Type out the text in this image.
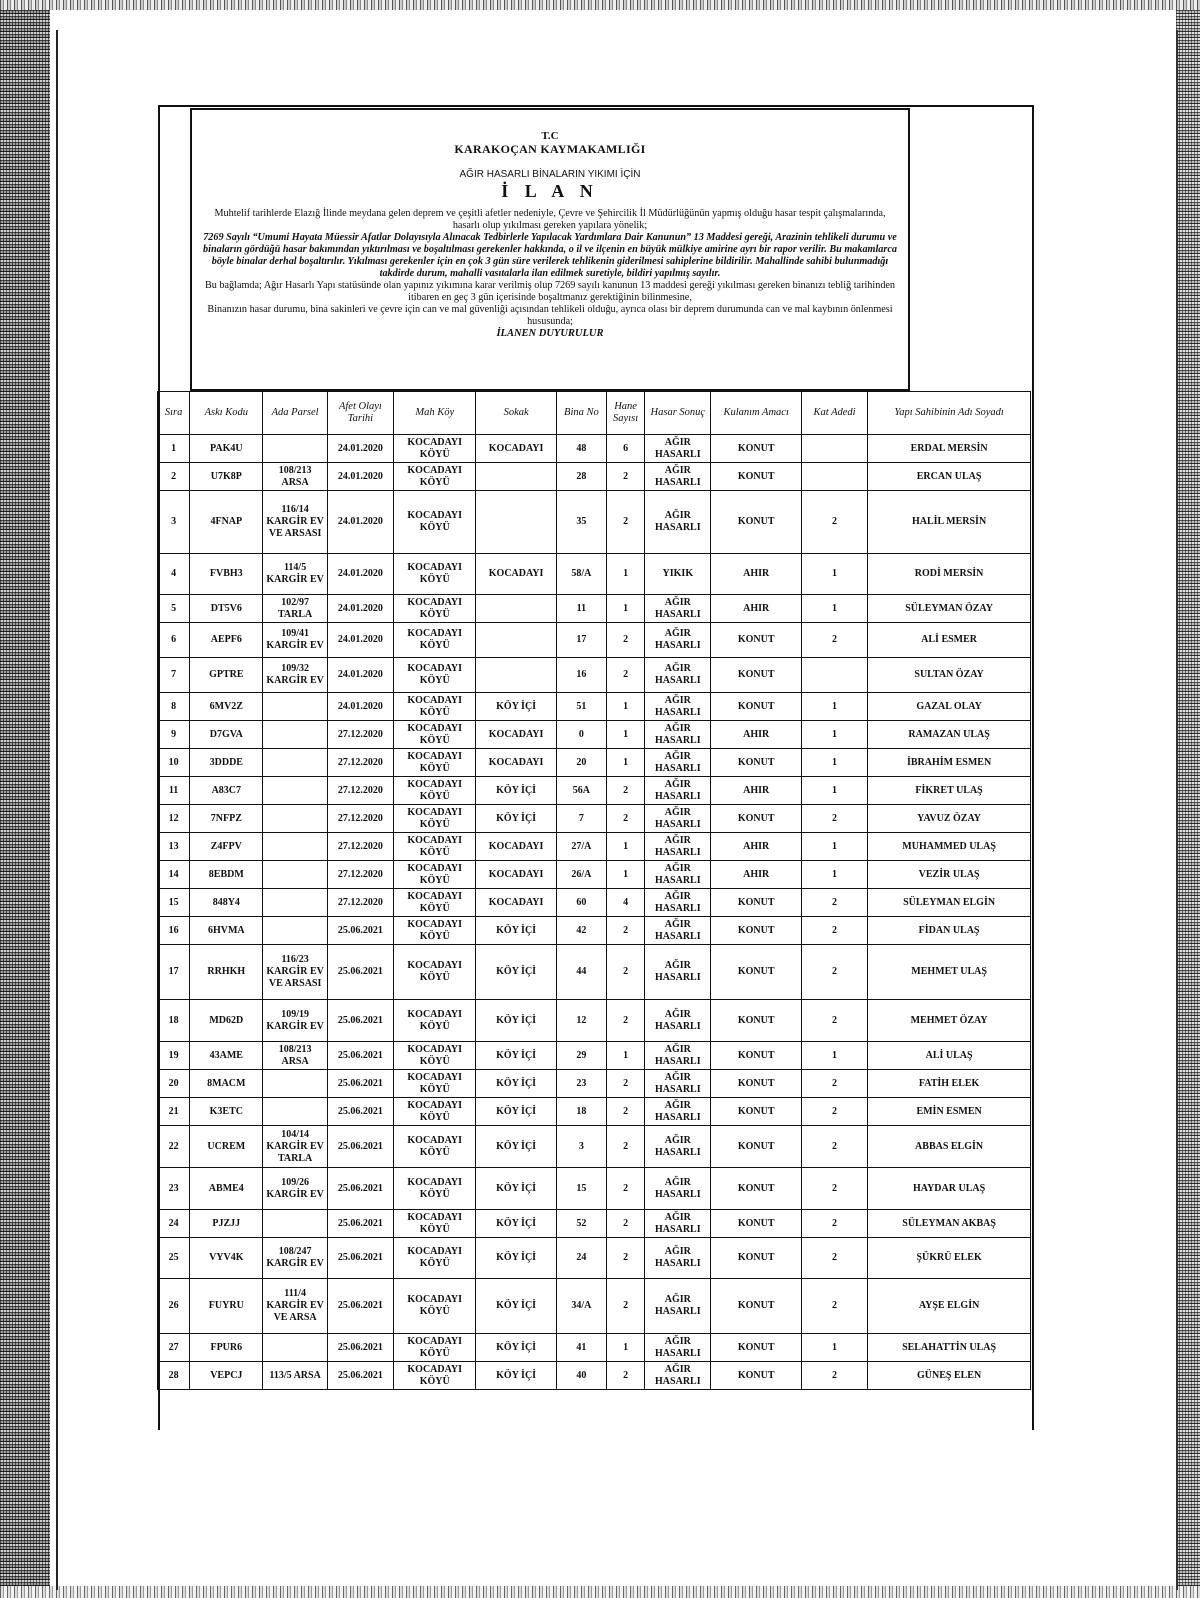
T.C
KARAKOÇAN KAYMAKAMLIĞI
AĞIR HASARLI BİNALARIN YIKIMI İÇİN
İ L A N
Muhtelif tarihlerde Elazığ İlinde meydana gelen deprem ve çeşitli afetler nedeniyle, Çevre ve Şehircilik İl Müdürlüğünün yapmış olduğu hasar tespit çalışmalarında, hasarlı olup yıkılması gereken yapılara yönelik;
7269 Sayılı “Umumi Hayata Müessir Afatlar Dolayısıyla Alınacak Tedbirlerle Yapılacak Yardımlara Dair Kanunun” 13 Maddesi gereği, Arazinin tehlikeli durumu ve binaların gördüğü hasar bakımından yıktırılması ve boşaltılması gerekenler hakkında, o il ve ilçenin en büyük mülkiye amirine ayrı bir rapor verilir. Bu makamlarca böyle binalar derhal boşaltırılır. Yıkılması gerekenler için en çok 3 gün süre verilerek tehlikenin giderilmesi sahiplerine bildirilir. Mahallinde sahibi bulunmadığı takdirde durum, mahalli vasıtalarla ilan edilmek suretiyle, bildiri yapılmış sayılır.
Bu bağlamda; Ağır Hasarlı Yapı statüsünde olan yapınız yıkımına karar verilmiş olup 7269 sayılı kanunun 13 maddesi gereği yıkılması gereken binanızı tebliğ tarihinden itibaren en geç 3 gün içerisinde boşaltmanız gerektiğinin bilinmesine,
Binanızın hasar durumu, bina sakinleri ve çevre için can ve mal güvenliği açısından tehlikeli olduğu, ayrıca olası bir deprem durumunda can ve mal kaybının önlenmesi hususunda;
İLANEN DUYURULUR
Sıra	Askı Kodu	Ada Parsel	Afet Olayı Tarihi	Mah Köy	Sokak	Bina No	Hane Sayısı	Hasar Sonuç	Kulanım Amacı	Kat Adedi	Yapı Sahibinin Adı Soyadı
1	PAK4U		24.01.2020	KOCADAYI KÖYÜ	KOCADAYI	48	6	AĞIR HASARLI	KONUT		ERDAL MERSİN
2	U7K8P	108/213 ARSA	24.01.2020	KOCADAYI KÖYÜ		28	2	AĞIR HASARLI	KONUT		ERCAN ULAŞ
3	4FNAP	116/14 KARGİR EV VE ARSASI	24.01.2020	KOCADAYI KÖYÜ		35	2	AĞIR HASARLI	KONUT	2	HALİL MERSİN
4	FVBH3	114/5 KARGİR EV	24.01.2020	KOCADAYI KÖYÜ	KOCADAYI	58/A	1	YIKIK	AHIR	1	RODİ MERSİN
5	DT5V6	102/97 TARLA	24.01.2020	KOCADAYI KÖYÜ		11	1	AĞIR HASARLI	AHIR	1	SÜLEYMAN ÖZAY
6	AEPF6	109/41 KARGİR EV	24.01.2020	KOCADAYI KÖYÜ		17	2	AĞIR HASARLI	KONUT	2	ALİ ESMER
7	GPTRE	109/32 KARGİR EV	24.01.2020	KOCADAYI KÖYÜ		16	2	AĞIR HASARLI	KONUT		SULTAN ÖZAY
8	6MV2Z		24.01.2020	KOCADAYI KÖYÜ	KÖY İÇİ	51	1	AĞIR HASARLI	KONUT	1	GAZAL OLAY
9	D7GVA		27.12.2020	KOCADAYI KÖYÜ	KOCADAYI	0	1	AĞIR HASARLI	AHIR	1	RAMAZAN ULAŞ
10	3DDDE		27.12.2020	KOCADAYI KÖYÜ	KOCADAYI	20	1	AĞIR HASARLI	KONUT	1	İBRAHİM ESMEN
11	A83C7		27.12.2020	KOCADAYI KÖYÜ	KÖY İÇİ	56A	2	AĞIR HASARLI	AHIR	1	FİKRET ULAŞ
12	7NFPZ		27.12.2020	KOCADAYI KÖYÜ	KÖY İÇİ	7	2	AĞIR HASARLI	KONUT	2	YAVUZ ÖZAY
13	Z4FPV		27.12.2020	KOCADAYI KÖYÜ	KOCADAYI	27/A	1	AĞIR HASARLI	AHIR	1	MUHAMMED ULAŞ
14	8EBDM		27.12.2020	KOCADAYI KÖYÜ	KOCADAYI	26/A	1	AĞIR HASARLI	AHIR	1	VEZİR ULAŞ
15	848Y4		27.12.2020	KOCADAYI KÖYÜ	KOCADAYI	60	4	AĞIR HASARLI	KONUT	2	SÜLEYMAN ELGİN
16	6HVMA		25.06.2021	KOCADAYI KÖYÜ	KÖY İÇİ	42	2	AĞIR HASARLI	KONUT	2	FİDAN ULAŞ
17	RRHKH	116/23 KARGİR EV VE ARSASI	25.06.2021	KOCADAYI KÖYÜ	KÖY İÇİ	44	2	AĞIR HASARLI	KONUT	2	MEHMET ULAŞ
18	MD62D	109/19 KARGİR EV	25.06.2021	KOCADAYI KÖYÜ	KÖY İÇİ	12	2	AĞIR HASARLI	KONUT	2	MEHMET ÖZAY
19	43AME	108/213 ARSA	25.06.2021	KOCADAYI KÖYÜ	KÖY İÇİ	29	1	AĞIR HASARLI	KONUT	1	ALİ ULAŞ
20	8MACM		25.06.2021	KOCADAYI KÖYÜ	KÖY İÇİ	23	2	AĞIR HASARLI	KONUT	2	FATİH ELEK
21	K3ETC		25.06.2021	KOCADAYI KÖYÜ	KÖY İÇİ	18	2	AĞIR HASARLI	KONUT	2	EMİN ESMEN
22	UCREM	104/14 KARGİR EV TARLA	25.06.2021	KOCADAYI KÖYÜ	KÖY İÇİ	3	2	AĞIR HASARLI	KONUT	2	ABBAS ELGİN
23	ABME4	109/26 KARGİR EV	25.06.2021	KOCADAYI KÖYÜ	KÖY İÇİ	15	2	AĞIR HASARLI	KONUT	2	HAYDAR ULAŞ
24	PJZJJ		25.06.2021	KOCADAYI KÖYÜ	KÖY İÇİ	52	2	AĞIR HASARLI	KONUT	2	SÜLEYMAN AKBAŞ
25	VYV4K	108/247 KARGİR EV	25.06.2021	KOCADAYI KÖYÜ	KÖY İÇİ	24	2	AĞIR HASARLI	KONUT	2	ŞÜKRÜ ELEK
26	FUYRU	111/4 KARGİR EV VE ARSA	25.06.2021	KOCADAYI KÖYÜ	KÖY İÇİ	34/A	2	AĞIR HASARLI	KONUT	2	AYŞE ELGİN
27	FPUR6		25.06.2021	KOCADAYI KÖYÜ	KÖY İÇİ	41	1	AĞIR HASARLI	KONUT	1	SELAHATTİN ULAŞ
28	VEPCJ	113/5 ARSA	25.06.2021	KOCADAYI KÖYÜ	KÖY İÇİ	40	2	AĞIR HASARLI	KONUT	2	GÜNEŞ ELEN
